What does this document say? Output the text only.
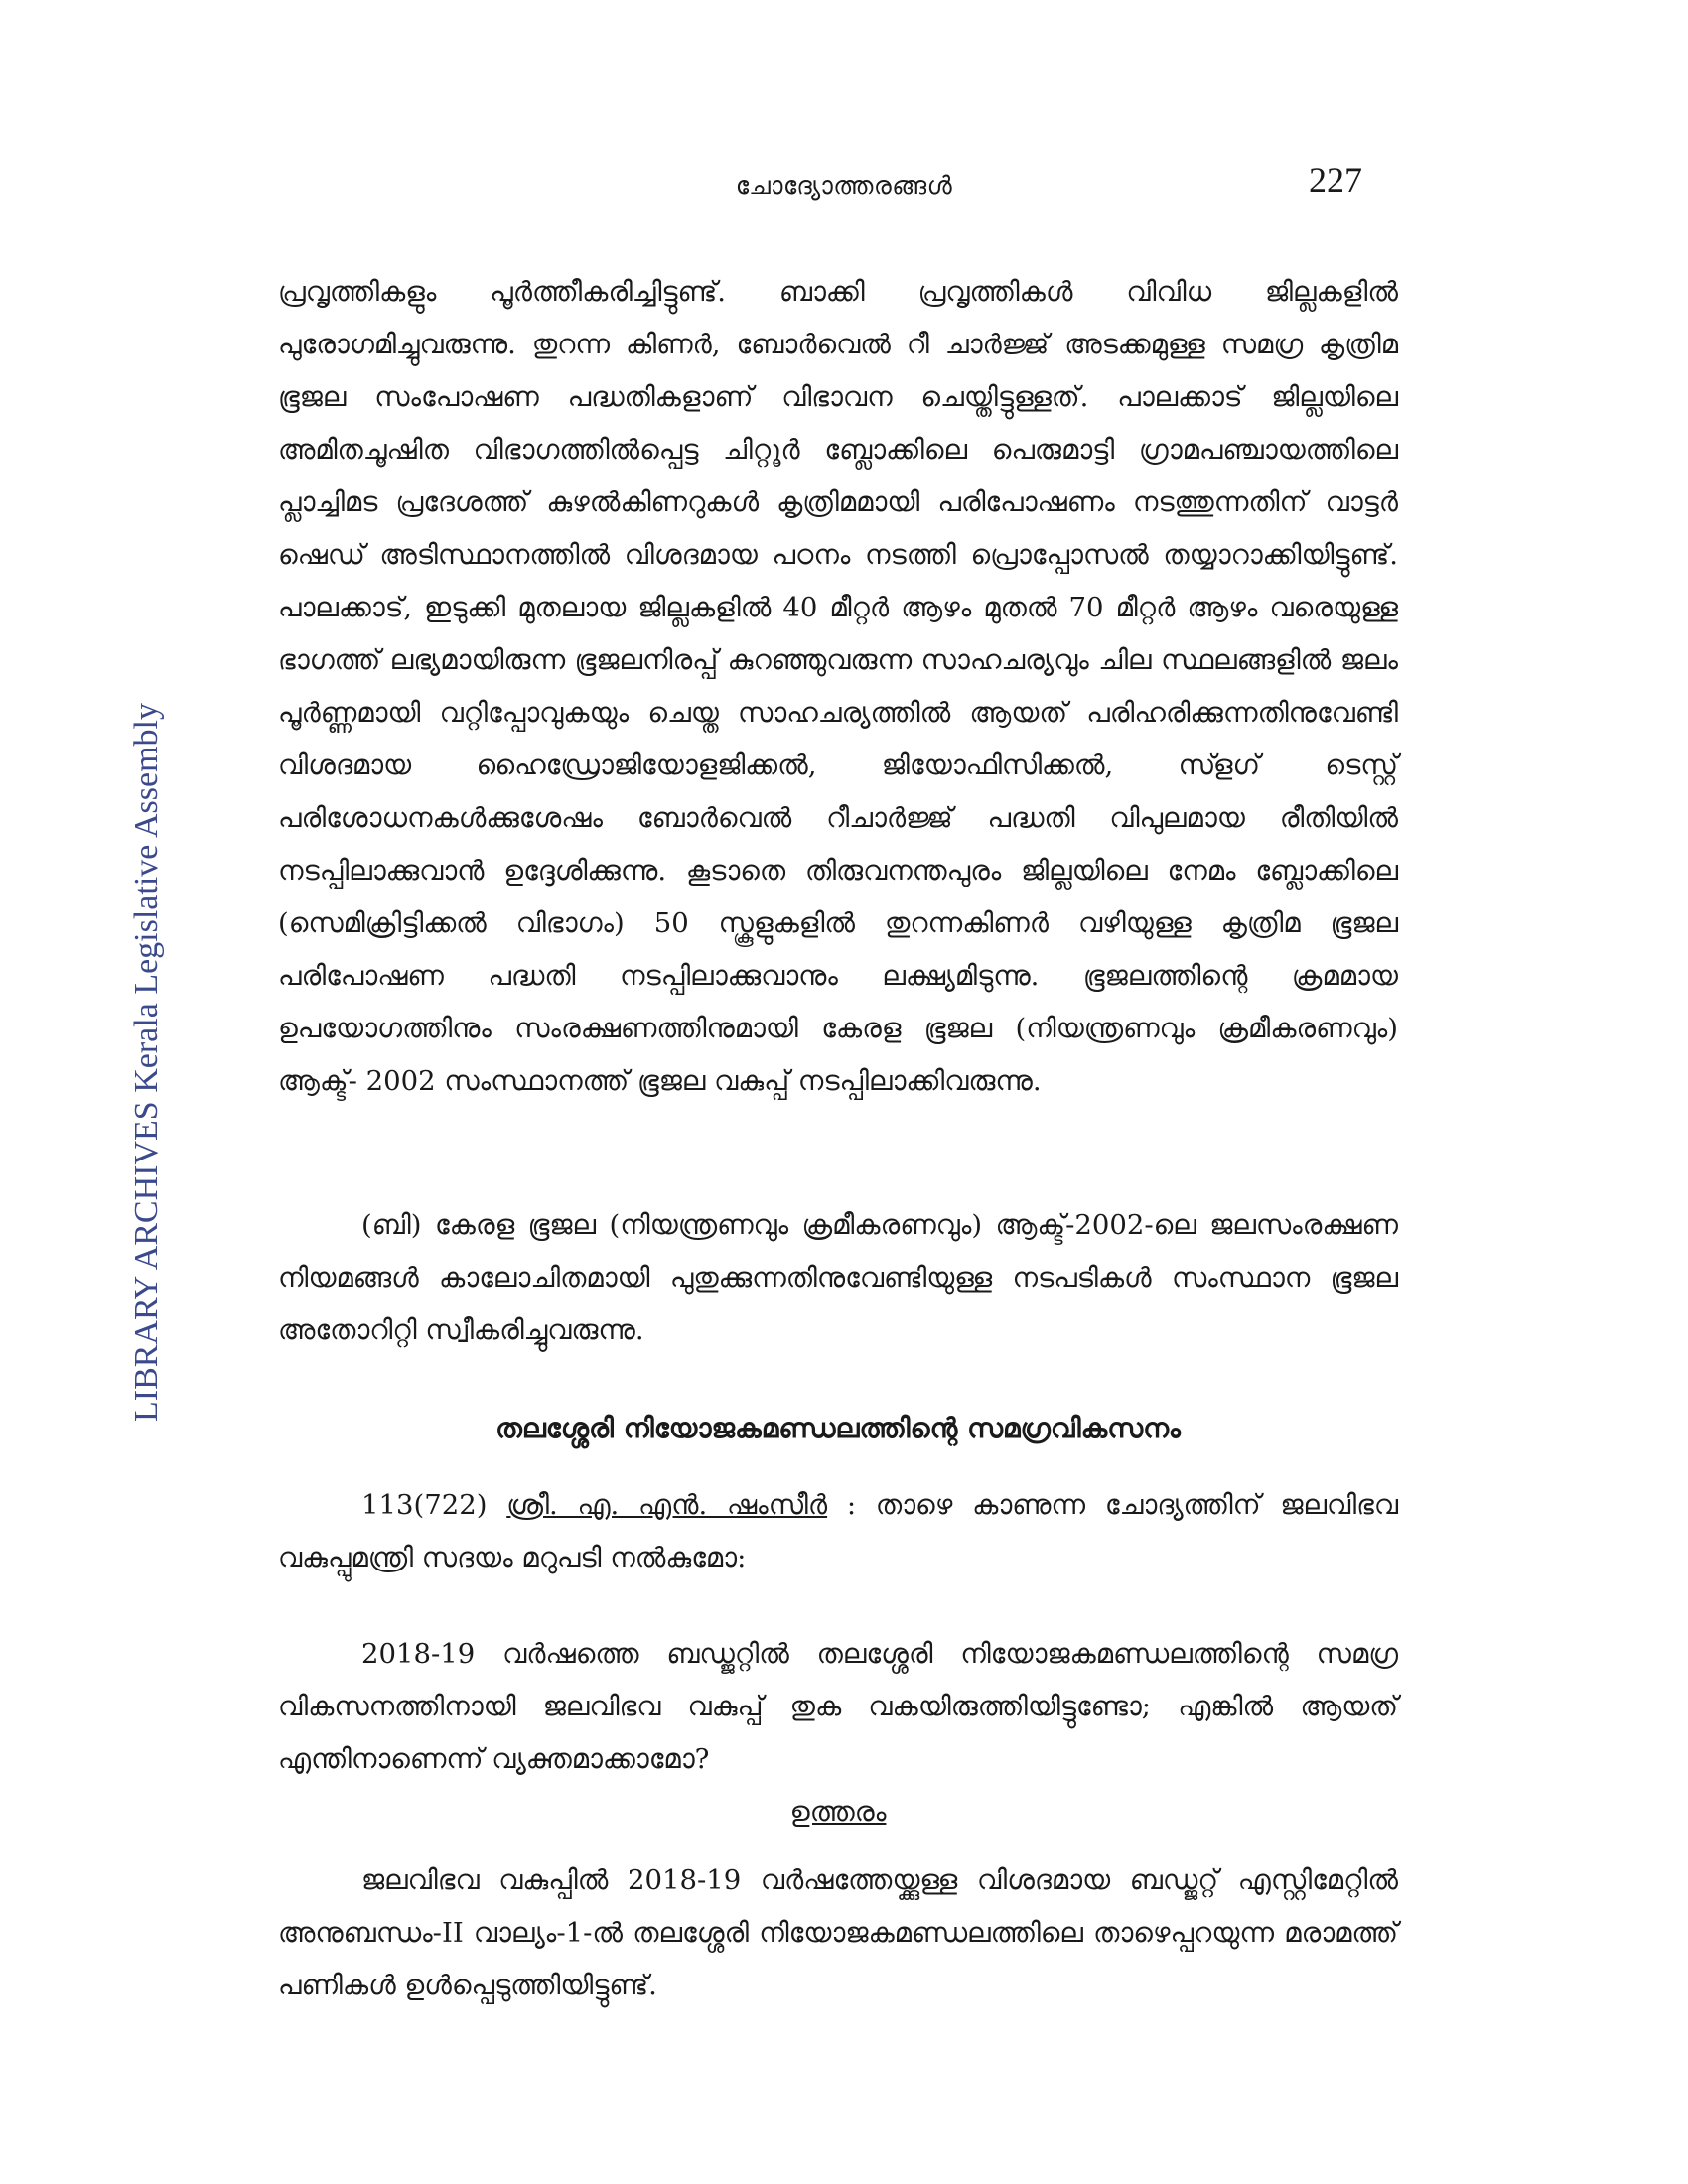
ചോദ്യോത്തരങ്ങൾ	227
LIBRARY ARCHIVES Kerala Legislative Assembly

പ്രവൃത്തികളും പൂർത്തീകരിച്ചിട്ടുണ്ട്. ബാക്കി പ്രവൃത്തികൾ വിവിധ ജില്ലകളിൽ പുരോഗമിച്ചുവരുന്നു. തുറന്ന കിണർ, ബോർവെൽ റീ ചാർജ്ജ് അടക്കമുള്ള സമഗ്ര കൃത്രിമ ഭൂജല സംപോഷണ പദ്ധതികളാണ് വിഭാവന ചെയ്തിട്ടുള്ളത്. പാലക്കാട് ജില്ലയിലെ അമിതചൂഷിത വിഭാഗത്തിൽപ്പെട്ട ചിറ്റൂർ ബ്ലോക്കിലെ പെരുമാട്ടി ഗ്രാമപഞ്ചായത്തിലെ പ്ലാച്ചിമട പ്രദേശത്ത് കുഴൽകിണറുകൾ കൃത്രിമമായി പരിപോഷണം നടത്തുന്നതിന് വാട്ടർ ഷെഡ് അടിസ്ഥാനത്തിൽ വിശദമായ പഠനം നടത്തി പ്രൊപ്പോസൽ തയ്യാറാക്കിയിട്ടുണ്ട്. പാലക്കാട്, ഇടുക്കി മുതലായ ജില്ലകളിൽ 40 മീറ്റർ ആഴം മുതൽ 70 മീറ്റർ ആഴം വരെയുള്ള ഭാഗത്ത് ലഭ്യമായിരുന്ന ഭൂജലനിരപ്പ് കുറഞ്ഞുവരുന്ന സാഹചര്യവും ചില സ്ഥലങ്ങളിൽ ജലം പൂർണ്ണമായി വറ്റിപ്പോവുകയും ചെയ്ത സാഹചര്യത്തിൽ ആയത് പരിഹരിക്കുന്നതിനുവേണ്ടി വിശദമായ ഹൈഡ്രോജിയോളജിക്കൽ, ജിയോഫിസിക്കൽ, സ്ളഗ് ടെസ്റ്റ് പരിശോധനകൾക്കുശേഷം ബോർവെൽ റീചാർജ്ജ് പദ്ധതി വിപുലമായ രീതിയിൽ നടപ്പിലാക്കുവാൻ ഉദ്ദേശിക്കുന്നു. കൂടാതെ തിരുവനന്തപുരം ജില്ലയിലെ നേമം ബ്ലോക്കിലെ (സെമിക്രിട്ടിക്കൽ വിഭാഗം) 50 സ്കൂളുകളിൽ തുറന്നകിണർ വഴിയുള്ള കൃത്രിമ ഭൂജല പരിപോഷണ പദ്ധതി നടപ്പിലാക്കുവാനും ലക്ഷ്യമിടുന്നു. ഭൂജലത്തിന്റെ ക്രമമായ ഉപയോഗത്തിനും സംരക്ഷണത്തിനുമായി കേരള ഭൂജല (നിയന്ത്രണവും ക്രമീകരണവും) ആക്ട്- 2002 സംസ്ഥാനത്ത് ഭൂജല വകുപ്പ് നടപ്പിലാക്കിവരുന്നു.

(ബി) കേരള ഭൂജല (നിയന്ത്രണവും ക്രമീകരണവും) ആക്ട്-2002-ലെ ജലസംരക്ഷണ നിയമങ്ങൾ കാലോചിതമായി പുതുക്കുന്നതിനുവേണ്ടിയുള്ള നടപടികൾ സംസ്ഥാന ഭൂജല അതോറിറ്റി സ്വീകരിച്ചുവരുന്നു.

തലശ്ശേരി നിയോജകമണ്ഡലത്തിന്റെ സമഗ്രവികസനം

113(722) ശ്രീ. എ. എൻ. ഷംസീർ : താഴെ കാണുന്ന ചോദ്യത്തിന് ജലവിഭവ വകുപ്പുമന്ത്രി സദയം മറുപടി നൽകുമോ:

2018-19 വർഷത്തെ ബഡ്ജറ്റിൽ തലശ്ശേരി നിയോജകമണ്ഡലത്തിന്റെ സമഗ്ര വികസനത്തിനായി ജലവിഭവ വകുപ്പ് തുക വകയിരുത്തിയിട്ടുണ്ടോ; എങ്കിൽ ആയത് എന്തിനാണെന്ന് വ്യക്തമാക്കാമോ?

ഉത്തരം

ജലവിഭവ വകുപ്പിൽ 2018-19 വർഷത്തേയ്ക്കുള്ള വിശദമായ ബഡ്ജറ്റ് എസ്റ്റിമേറ്റിൽ അനുബന്ധം-II വാല്യം-1-ൽ തലശ്ശേരി നിയോജകമണ്ഡലത്തിലെ താഴെപ്പറയുന്ന മരാമത്ത് പണികൾ ഉൾപ്പെടുത്തിയിട്ടുണ്ട്.
